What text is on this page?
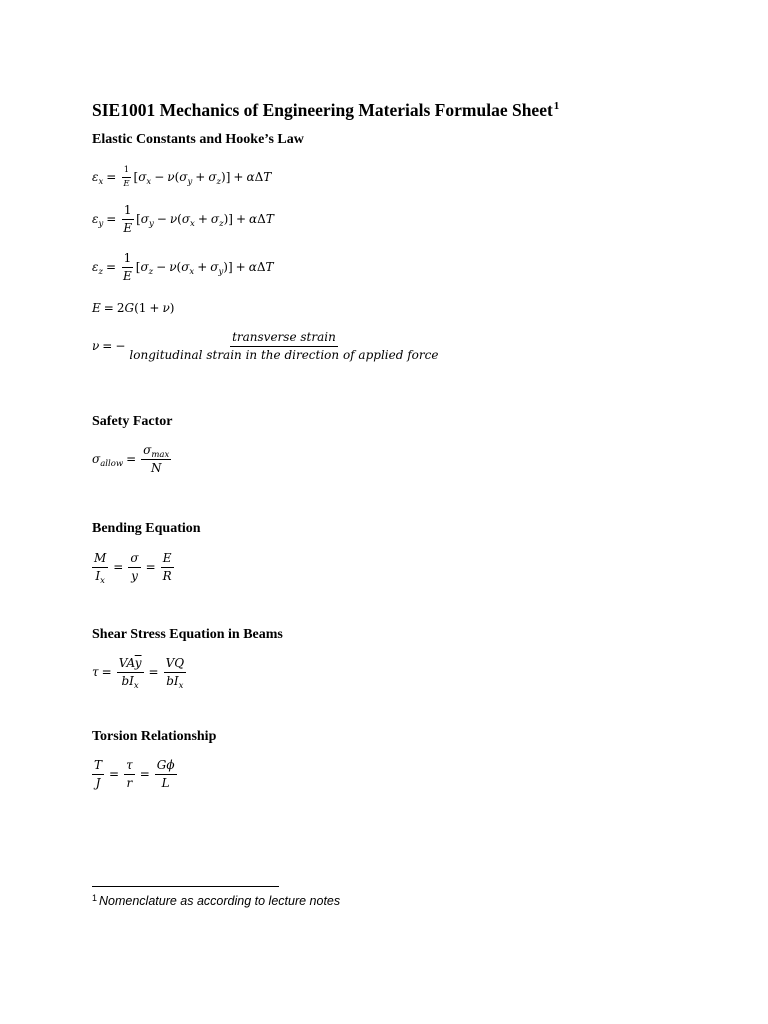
SIE1001 Mechanics of Engineering Materials Formulae Sheet$^1$
Elastic Constants and Hooke’s Law
$\varepsilon_x = \frac{1}{E}$ [ $\sigma_x - \nu$ ( $\sigma_y + \sigma_z$ )] + α Δ T
$\varepsilon_y = \frac{1}{E}$ [ $\sigma_y - \nu$ ( $\sigma_x + \sigma_z$ )] + α Δ T
$\varepsilon_z = \frac{1}{E}$ [ $\sigma_z - \nu$ ( $\sigma_x + \sigma_y$ )] + α Δ T
E = 2 G (1 + ν )
ν = − $\frac{\text{transverse strain}}{\text{longitudinal strain in the direction of applied force}}$
Safety Factor
$\sigma_{allow} = \frac{\sigma_{max}}{N}$
Bending Equation
$\frac{M}{I_x} = \frac{\sigma}{y} = \frac{E}{R}$
Shear Stress Equation in Beams
$\tau = \frac{VA\overline{y}}{bI_x} = \frac{VQ}{bI_x}$
Torsion Relationship
$\frac{T}{J} = \frac{\tau}{r} = \frac{G\phi}{L}$
$^1$ Nomenclature as according to lecture notes
